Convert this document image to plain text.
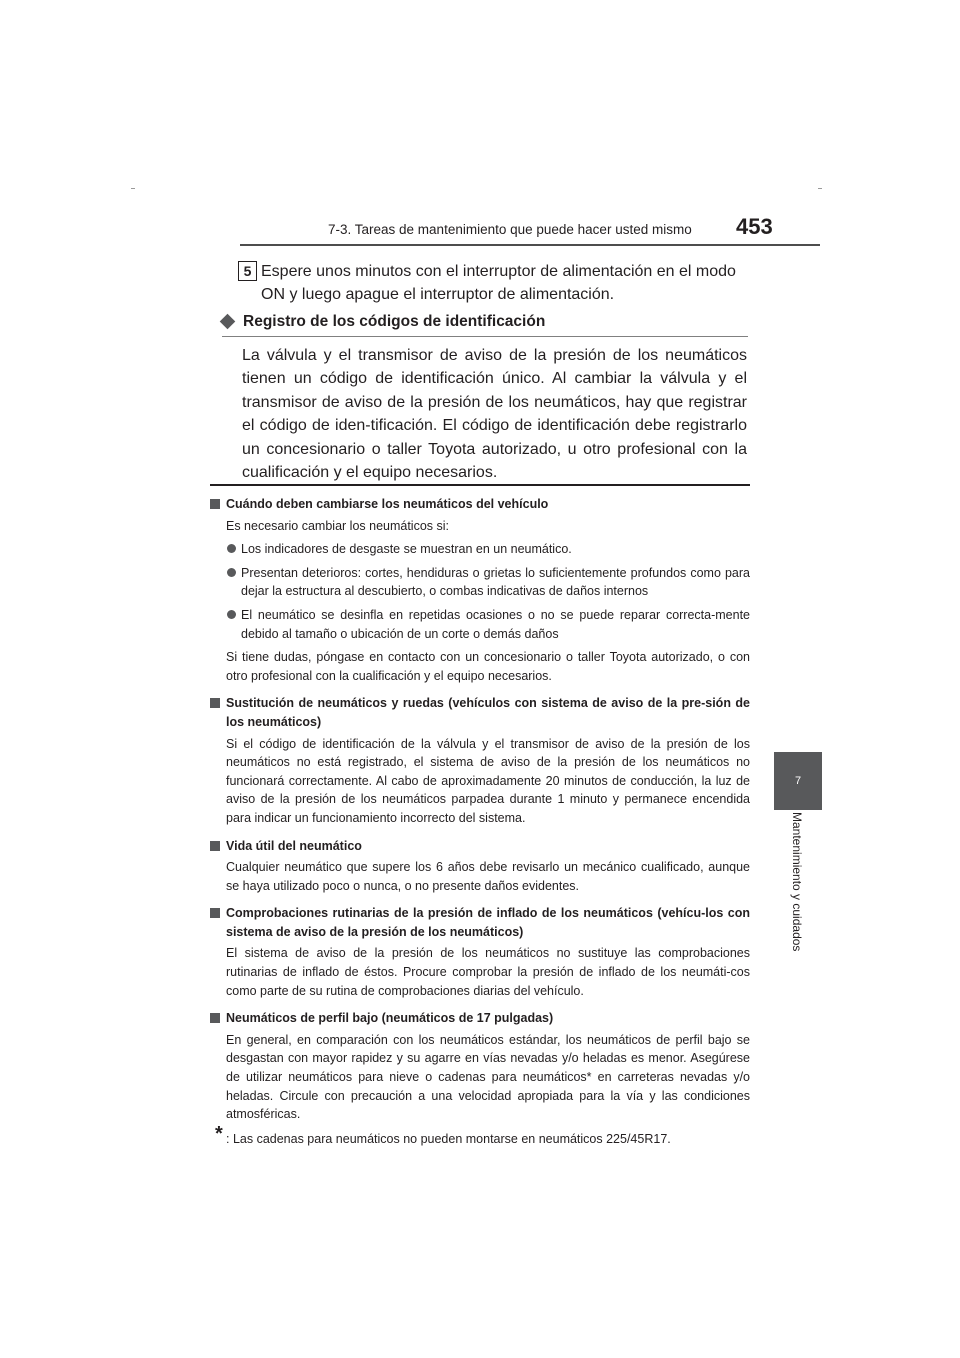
7-3. Tareas de mantenimiento que puede hacer usted mismo 453
7
Mantenimiento y cuidados
5 Espere unos minutos con el interruptor de alimentación en el modo ON y luego apague el interruptor de alimentación.
Registro de los códigos de identificación
La válvula y el transmisor de aviso de la presión de los neumáticos tienen un código de identificación único. Al cambiar la válvula y el transmisor de aviso de la presión de los neumáticos, hay que registrar el código de iden-tificación. El código de identificación debe registrarlo un concesionario o taller Toyota autorizado, u otro profesional con la cualificación y el equipo necesarios.
Cuándo deben cambiarse los neumáticos del vehículo
Es necesario cambiar los neumáticos si:
Los indicadores de desgaste se muestran en un neumático.
Presentan deterioros: cortes, hendiduras o grietas lo suficientemente profundos como para dejar la estructura al descubierto, o combas indicativas de daños internos
El neumático se desinfla en repetidas ocasiones o no se puede reparar correcta-mente debido al tamaño o ubicación de un corte o demás daños
Si tiene dudas, póngase en contacto con un concesionario o taller Toyota autorizado, o con otro profesional con la cualificación y el equipo necesarios.
Sustitución de neumáticos y ruedas (vehículos con sistema de aviso de la pre-sión de los neumáticos)
Si el código de identificación de la válvula y el transmisor de aviso de la presión de los neumáticos no está registrado, el sistema de aviso de la presión de los neumáticos no funcionará correctamente. Al cabo de aproximadamente 20 minutos de conducción, la luz de aviso de la presión de los neumáticos parpadea durante 1 minuto y permanece encendida para indicar un funcionamiento incorrecto del sistema.
Vida útil del neumático
Cualquier neumático que supere los 6 años debe revisarlo un mecánico cualificado, aunque se haya utilizado poco o nunca, o no presente daños evidentes.
Comprobaciones rutinarias de la presión de inflado de los neumáticos (vehícu-los con sistema de aviso de la presión de los neumáticos)
El sistema de aviso de la presión de los neumáticos no sustituye las comprobaciones rutinarias de inflado de éstos. Procure comprobar la presión de inflado de los neumáti-cos como parte de su rutina de comprobaciones diarias del vehículo.
Neumáticos de perfil bajo (neumáticos de 17 pulgadas)
En general, en comparación con los neumáticos estándar, los neumáticos de perfil bajo se desgastan con mayor rapidez y su agarre en vías nevadas y/o heladas es menor. Asegúrese de utilizar neumáticos para nieve o cadenas para neumáticos* en carreteras nevadas y/o heladas. Circule con precaución a una velocidad apropiada para la vía y las condiciones atmosféricas.
* : Las cadenas para neumáticos no pueden montarse en neumáticos 225/45R17.
